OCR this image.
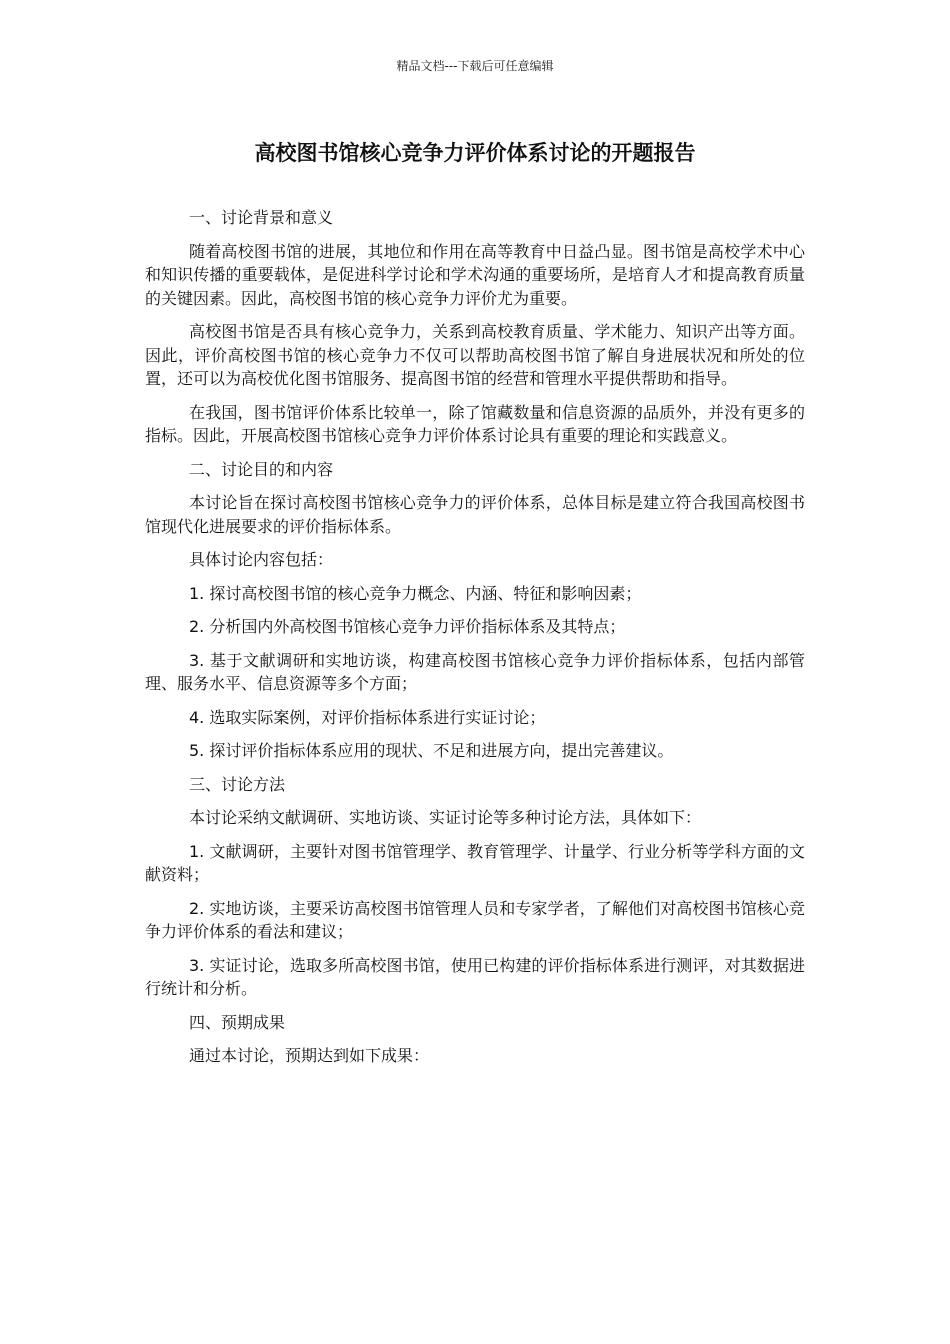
精品文档---下载后可任意编辑
高校图书馆核心竞争力评价体系讨论的开题报告

一、讨论背景和意义

随着高校图书馆的进展，其地位和作用在高等教育中日益凸显。图书馆是高校学术中心和知识传播的重要载体，是促进科学讨论和学术沟通的重要场所，是培育人才和提高教育质量的关键因素。因此，高校图书馆的核心竞争力评价尤为重要。

高校图书馆是否具有核心竞争力，关系到高校教育质量、学术能力、知识产出等方面。因此，评价高校图书馆的核心竞争力不仅可以帮助高校图书馆了解自身进展状况和所处的位置，还可以为高校优化图书馆服务、提高图书馆的经营和管理水平提供帮助和指导。

在我国，图书馆评价体系比较单一，除了馆藏数量和信息资源的品质外，并没有更多的指标。因此，开展高校图书馆核心竞争力评价体系讨论具有重要的理论和实践意义。

二、讨论目的和内容

本讨论旨在探讨高校图书馆核心竞争力的评价体系，总体目标是建立符合我国高校图书馆现代化进展要求的评价指标体系。

具体讨论内容包括：

1. 探讨高校图书馆的核心竞争力概念、内涵、特征和影响因素；

2. 分析国内外高校图书馆核心竞争力评价指标体系及其特点；

3. 基于文献调研和实地访谈，构建高校图书馆核心竞争力评价指标体系，包括内部管理、服务水平、信息资源等多个方面；

4. 选取实际案例，对评价指标体系进行实证讨论；

5. 探讨评价指标体系应用的现状、不足和进展方向，提出完善建议。

三、讨论方法

本讨论采纳文献调研、实地访谈、实证讨论等多种讨论方法，具体如下：

1. 文献调研，主要针对图书馆管理学、教育管理学、计量学、行业分析等学科方面的文献资料；

2. 实地访谈，主要采访高校图书馆管理人员和专家学者，了解他们对高校图书馆核心竞争力评价体系的看法和建议；

3. 实证讨论，选取多所高校图书馆，使用已构建的评价指标体系进行测评，对其数据进行统计和分析。

四、预期成果

通过本讨论，预期达到如下成果：
